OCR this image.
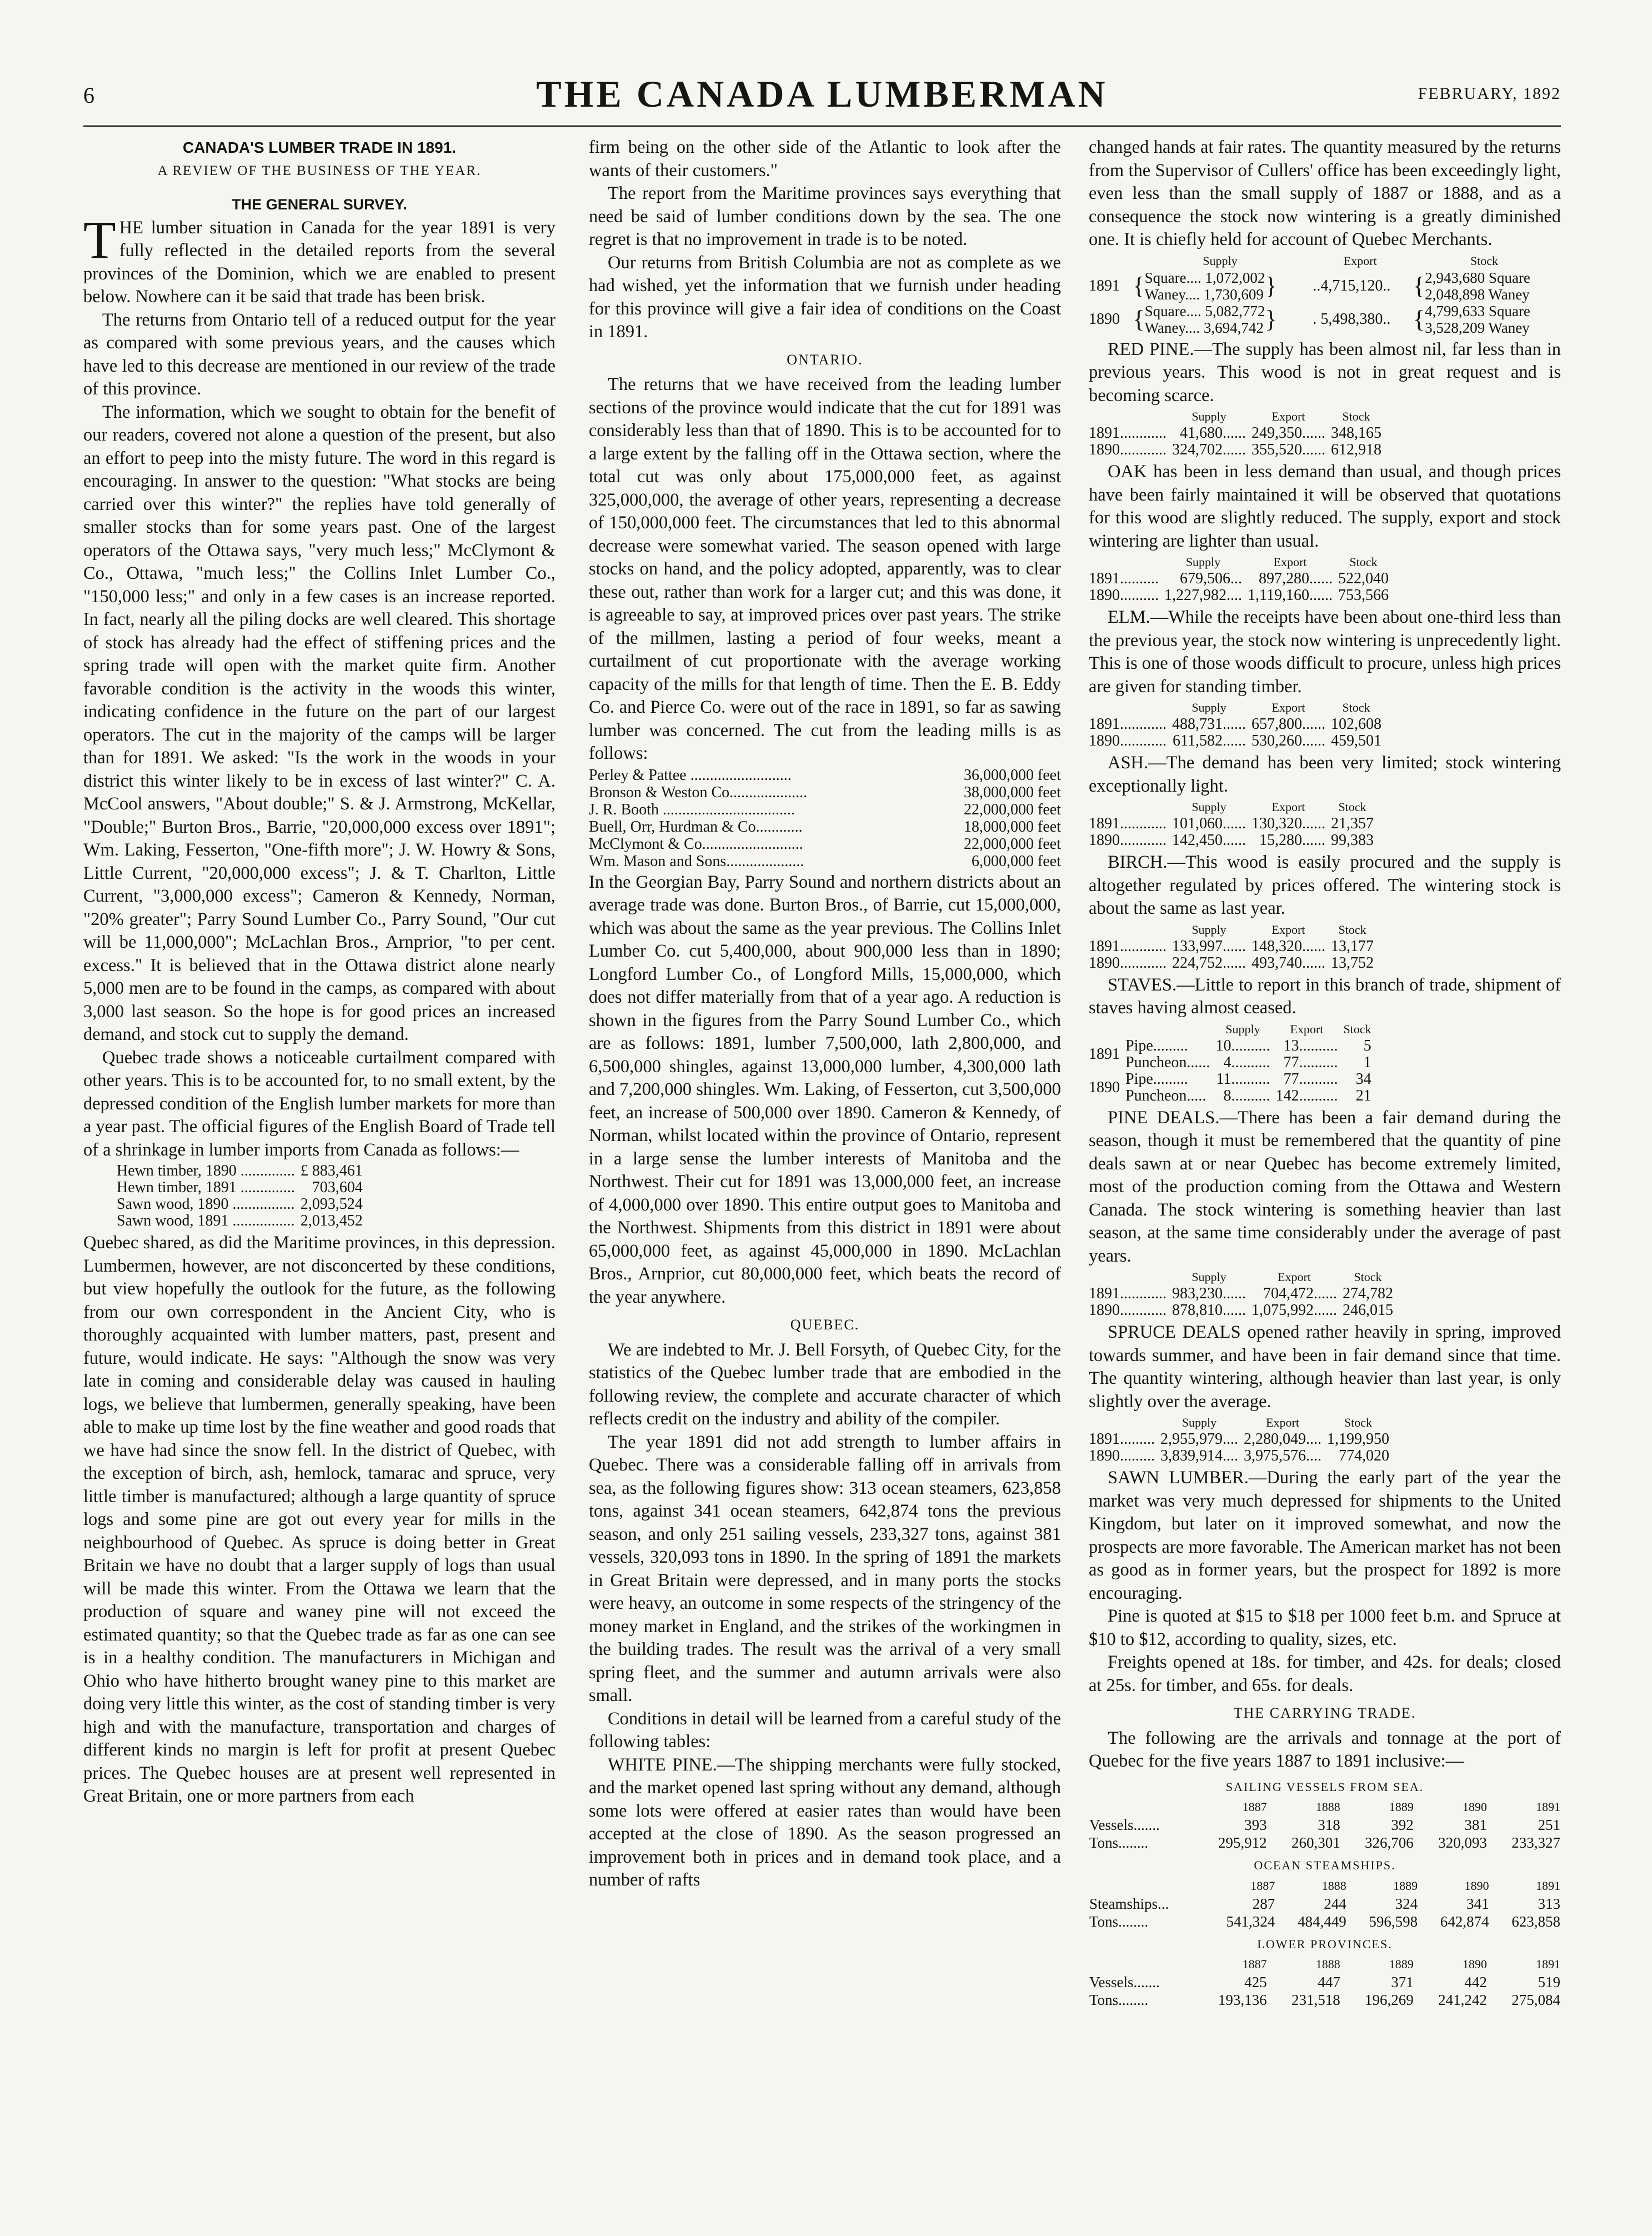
6	THE CANADA LUMBERMAN	FEBRUARY, 1892

CANADA'S LUMBER TRADE IN 1891.

A REVIEW OF THE BUSINESS OF THE YEAR.

THE GENERAL SURVEY.

THE lumber situation in Canada for the year 1891 is very fully reflected in the detailed reports from the several provinces of the Dominion, which we are enabled to present below. Nowhere can it be said that trade has been brisk.

The returns from Ontario tell of a reduced output for the year as compared with some previous years, and the causes which have led to this decrease are mentioned in our review of the trade of this province.

The information, which we sought to obtain for the benefit of our readers, covered not alone a question of the present, but also an effort to peep into the misty future. The word in this regard is encouraging. In answer to the question: "What stocks are being carried over this winter?" the replies have told generally of smaller stocks than for some years past. One of the largest operators of the Ottawa says, "very much less;" McClymont & Co., Ottawa, "much less;" the Collins Inlet Lumber Co., "150,000 less;" and only in a few cases is an increase reported. In fact, nearly all the piling docks are well cleared. This shortage of stock has already had the effect of stiffening prices and the spring trade will open with the market quite firm. Another favorable condition is the activity in the woods this winter, indicating confidence in the future on the part of our largest operators. The cut in the majority of the camps will be larger than for 1891. We asked: "Is the work in the woods in your district this winter likely to be in excess of last winter?" C. A. McCool answers, "About double;" S. & J. Armstrong, McKellar, "Double;" Burton Bros., Barrie, "20,000,000 excess over 1891"; Wm. Laking, Fesserton, "One-fifth more"; J. W. Howry & Sons, Little Current, "20,000,000 excess"; J. & T. Charlton, Little Current, "3,000,000 excess"; Cameron & Kennedy, Norman, "20% greater"; Parry Sound Lumber Co., Parry Sound, "Our cut will be 11,000,000"; McLachlan Bros., Arnprior, "to per cent. excess." It is believed that in the Ottawa district alone nearly 5,000 men are to be found in the camps, as compared with about 3,000 last season. So the hope is for good prices an increased demand, and stock cut to supply the demand.

Quebec trade shows a noticeable curtailment compared with other years. This is to be accounted for, to no small extent, by the depressed condition of the English lumber markets for more than a year past. The official figures of the English Board of Trade tell of a shrinkage in lumber imports from Canada as follows:—

Hewn timber, 1890 ..............	£ 883,461
Hewn timber, 1891 ..............	703,604
Sawn wood, 1890 ................	2,093,524
Sawn wood, 1891 ................	2,013,452

Quebec shared, as did the Maritime provinces, in this depression. Lumbermen, however, are not disconcerted by these conditions, but view hopefully the outlook for the future, as the following from our own correspondent in the Ancient City, who is thoroughly acquainted with lumber matters, past, present and future, would indicate. He says: "Although the snow was very late in coming and considerable delay was caused in hauling logs, we believe that lumbermen, generally speaking, have been able to make up time lost by the fine weather and good roads that we have had since the snow fell. In the district of Quebec, with the exception of birch, ash, hemlock, tamarac and spruce, very little timber is manufactured; although a large quantity of spruce logs and some pine are got out every year for mills in the neighbourhood of Quebec. As spruce is doing better in Great Britain we have no doubt that a larger supply of logs than usual will be made this winter. From the Ottawa we learn that the production of square and waney pine will not exceed the estimated quantity; so that the Quebec trade as far as one can see is in a healthy condition. The manufacturers in Michigan and Ohio who have hitherto brought waney pine to this market are doing very little this winter, as the cost of standing timber is very high and with the manufacture, transportation and charges of different kinds no margin is left for profit at present Quebec prices. The Quebec houses are at present well represented in Great Britain, one or more partners from each

firm being on the other side of the Atlantic to look after the wants of their customers."

The report from the Maritime provinces says everything that need be said of lumber conditions down by the sea. The one regret is that no improvement in trade is to be noted.

Our returns from British Columbia are not as complete as we had wished, yet the information that we furnish under heading for this province will give a fair idea of conditions on the Coast in 1891.

ONTARIO.

The returns that we have received from the leading lumber sections of the province would indicate that the cut for 1891 was considerably less than that of 1890. This is to be accounted for to a large extent by the falling off in the Ottawa section, where the total cut was only about 175,000,000 feet, as against 325,000,000, the average of other years, representing a decrease of 150,000,000 feet. The circumstances that led to this abnormal decrease were somewhat varied. The season opened with large stocks on hand, and the policy adopted, apparently, was to clear these out, rather than work for a larger cut; and this was done, it is agreeable to say, at improved prices over past years. The strike of the millmen, lasting a period of four weeks, meant a curtailment of cut proportionate with the average working capacity of the mills for that length of time. Then the E. B. Eddy Co. and Pierce Co. were out of the race in 1891, so far as sawing lumber was concerned. The cut from the leading mills is as follows:

Perley & Pattee ..........................	36,000,000 feet
Bronson & Weston Co....................	38,000,000 feet
J. R. Booth ..................................	22,000,000 feet
Buell, Orr, Hurdman & Co............	18,000,000 feet
McClymont & Co..........................	22,000,000 feet
Wm. Mason and Sons....................	6,000,000 feet

In the Georgian Bay, Parry Sound and northern districts about an average trade was done. Burton Bros., of Barrie, cut 15,000,000, which was about the same as the year previous. The Collins Inlet Lumber Co. cut 5,400,000, about 900,000 less than in 1890; Longford Lumber Co., of Longford Mills, 15,000,000, which does not differ materially from that of a year ago. A reduction is shown in the figures from the Parry Sound Lumber Co., which are as follows: 1891, lumber 7,500,000, lath 2,800,000, and 6,500,000 shingles, against 13,000,000 lumber, 4,300,000 lath and 7,200,000 shingles. Wm. Laking, of Fesserton, cut 3,500,000 feet, an increase of 500,000 over 1890. Cameron & Kennedy, of Norman, whilst located within the province of Ontario, represent in a large sense the lumber interests of Manitoba and the Northwest. Their cut for 1891 was 13,000,000 feet, an increase of 4,000,000 over 1890. This entire output goes to Manitoba and the Northwest. Shipments from this district in 1891 were about 65,000,000 feet, as against 45,000,000 in 1890. McLachlan Bros., Arnprior, cut 80,000,000 feet, which beats the record of the year anywhere.

QUEBEC.

We are indebted to Mr. J. Bell Forsyth, of Quebec City, for the statistics of the Quebec lumber trade that are embodied in the following review, the complete and accurate character of which reflects credit on the industry and ability of the compiler.

The year 1891 did not add strength to lumber affairs in Quebec. There was a considerable falling off in arrivals from sea, as the following figures show: 313 ocean steamers, 623,858 tons, against 341 ocean steamers, 642,874 tons the previous season, and only 251 sailing vessels, 233,327 tons, against 381 vessels, 320,093 tons in 1890. In the spring of 1891 the markets in Great Britain were depressed, and in many ports the stocks were heavy, an outcome in some respects of the stringency of the money market in England, and the strikes of the workingmen in the building trades. The result was the arrival of a very small spring fleet, and the summer and autumn arrivals were also small.

Conditions in detail will be learned from a careful study of the following tables:

WHITE PINE.—The shipping merchants were fully stocked, and the market opened last spring without any demand, although some lots were offered at easier rates than would have been accepted at the close of 1890. As the season progressed an improvement both in prices and in demand took place, and a number of rafts

changed hands at fair rates. The quantity measured by the returns from the Supervisor of Cullers' office has been exceedingly light, even less than the small supply of 1887 or 1888, and as a consequence the stock now wintering is a greatly diminished one. It is chiefly held for account of Quebec Merchants.

	Supply	Export	Stock
1891	{Square.... 1,072,002
Waney.... 1,730,609}	..4,715,120..	{2,943,680 Square
2,048,898 Waney
1890	{Square.... 5,082,772
Waney.... 3,694,742}	. 5,498,380..	{4,799,633 Square
3,528,209 Waney

RED PINE.—The supply has been almost nil, far less than in previous years. This wood is not in great request and is becoming scarce.

	Supply	Export	Stock
1891............	41,680......	249,350......	348,165
1890............	324,702......	355,520......	612,918

OAK has been in less demand than usual, and though prices have been fairly maintained it will be observed that quotations for this wood are slightly reduced. The supply, export and stock wintering are lighter than usual.

	Supply	Export	Stock
1891..........	679,506...	897,280......	522,040
1890..........	1,227,982....	1,119,160......	753,566

ELM.—While the receipts have been about one-third less than the previous year, the stock now wintering is unprecedently light. This is one of those woods difficult to procure, unless high prices are given for standing timber.

	Supply	Export	Stock
1891............	488,731......	657,800......	102,608
1890............	611,582......	530,260......	459,501

ASH.—The demand has been very limited; stock wintering exceptionally light.

	Supply	Export	Stock
1891............	101,060......	130,320......	21,357
1890............	142,450......	15,280......	99,383

BIRCH.—This wood is easily procured and the supply is altogether regulated by prices offered. The wintering stock is about the same as last year.

	Supply	Export	Stock
1891............	133,997......	148,320......	13,177
1890............	224,752......	493,740......	13,752

STAVES.—Little to report in this branch of trade, shipment of staves having almost ceased.

		Supply	Export	Stock
1891	Pipe.........	10..........	13..........	5
	Puncheon......	4..........	77..........	1
1890	Pipe.........	11..........	77..........	34
	Puncheon.....	8..........	142..........	21

PINE DEALS.—There has been a fair demand during the season, though it must be remembered that the quantity of pine deals sawn at or near Quebec has become extremely limited, most of the production coming from the Ottawa and Western Canada. The stock wintering is something heavier than last season, at the same time considerably under the average of past years.

	Supply	Export	Stock
1891............	983,230......	704,472......	274,782
1890............	878,810......	1,075,992......	246,015

SPRUCE DEALS opened rather heavily in spring, improved towards summer, and have been in fair demand since that time. The quantity wintering, although heavier than last year, is only slightly over the average.

	Supply	Export	Stock
1891.........	2,955,979....	2,280,049....	1,199,950
1890.........	3,839,914....	3,975,576....	774,020

SAWN LUMBER.—During the early part of the year the market was very much depressed for shipments to the United Kingdom, but later on it improved somewhat, and now the prospects are more favorable. The American market has not been as good as in former years, but the prospect for 1892 is more encouraging.

Pine is quoted at $15 to $18 per 1000 feet b.m. and Spruce at $10 to $12, according to quality, sizes, etc.

Freights opened at 18s. for timber, and 42s. for deals; closed at 25s. for timber, and 65s. for deals.

THE CARRYING TRADE.

The following are the arrivals and tonnage at the port of Quebec for the five years 1887 to 1891 inclusive:—

SAILING VESSELS FROM SEA.

	1887	1888	1889	1890	1891
Vessels.......	393	318	392	381	251
Tons........	295,912	260,301	326,706	320,093	233,327

OCEAN STEAMSHIPS.

	1887	1888	1889	1890	1891
Steamships...	287	244	324	341	313
Tons........	541,324	484,449	596,598	642,874	623,858

LOWER PROVINCES.

	1887	1888	1889	1890	1891
Vessels.......	425	447	371	442	519
Tons........	193,136	231,518	196,269	241,242	275,084
